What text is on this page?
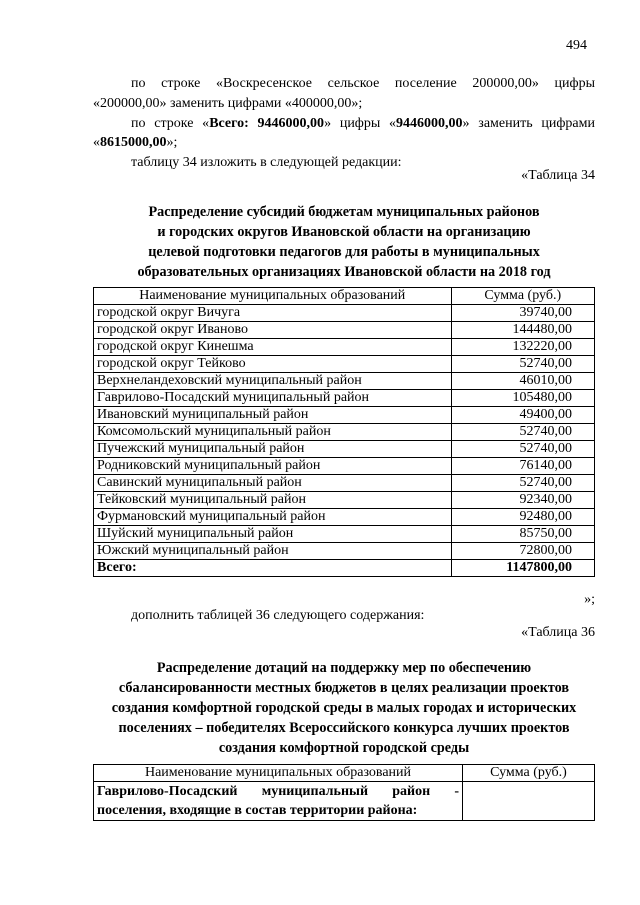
494
по строке «Воскресенское сельское поселение 200000,00» цифры
«200000,00» заменить цифрами «400000,00»;
по строке «Всего: 9446000,00» цифры «9446000,00» заменить цифрами
«8615000,00»;
таблицу 34 изложить в следующей редакции:
«Таблица 34
Распределение субсидий бюджетам муниципальных районов
и городских округов Ивановской области на организацию
целевой подготовки педагогов для работы в муниципальных
образовательных организациях Ивановской области на 2018 год
Наименование муниципальных образований	Сумма (руб.)
городской округ Вичуга	39740,00
городской округ Иваново	144480,00
городской округ Кинешма	132220,00
городской округ Тейково	52740,00
Верхнеландеховский муниципальный район	46010,00
Гаврилово-Посадский муниципальный район	105480,00
Ивановский муниципальный район	49400,00
Комсомольский муниципальный район	52740,00
Пучежский муниципальный район	52740,00
Родниковский муниципальный район	76140,00
Савинский муниципальный район	52740,00
Тейковский муниципальный район	92340,00
Фурмановский муниципальный район	92480,00
Шуйский муниципальный район	85750,00
Южский муниципальный район	72800,00
Всего:	1147800,00
»;
дополнить таблицей 36 следующего содержания:
«Таблица 36
Распределение дотаций на поддержку мер по обеспечению
сбалансированности местных бюджетов в целях реализации проектов
создания комфортной городской среды в малых городах и исторических
поселениях – победителях Всероссийского конкурса лучших проектов
создания комфортной городской среды
Наименование муниципальных образований	Сумма (руб.)
Гаврилово-Посадский муниципальный район - поселения, входящие в состав территории района:	
